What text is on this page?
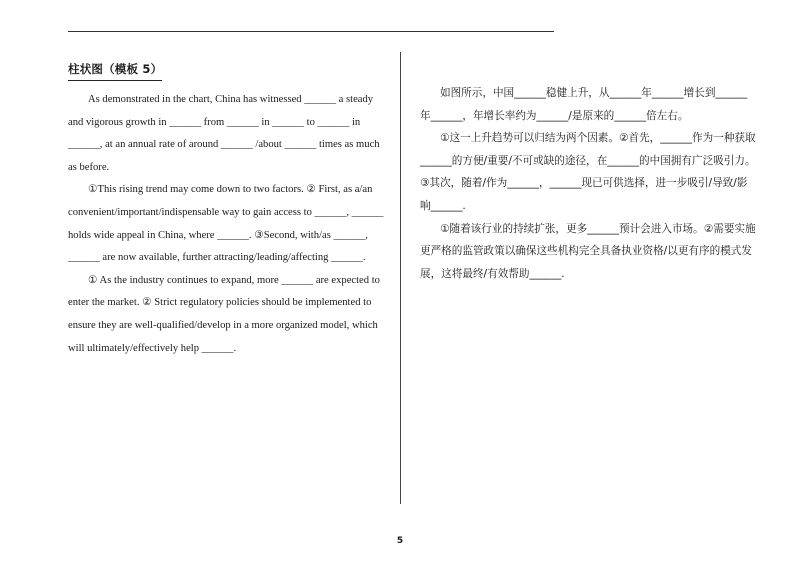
柱状图（模板 5）

As demonstrated in the chart, China has witnessed ______ a steady and vigorous growth in ______ from ______ in ______ to ______ in ______, at an annual rate of around ______ /about ______ times as much as before.

①This rising trend may come down to two factors. ② First, as a/an convenient/important/indispensable way to gain access to ______, ______ holds wide appeal in China, where ______. ③Second, with/as ______, ______ are now available, further attracting/leading/affecting ______.

① As the industry continues to expand, more ______ are expected to enter the market. ② Strict regulatory policies should be implemented to ensure they are well-qualified/develop in a more organized model, which will ultimately/effectively help ______.

如图所示，中国______稳健上升，从______年______增长到______年______，年增长率约为______/是原来的______倍左右。

①这一上升趋势可以归结为两个因素。②首先，______作为一种获取______的方便/重要/不可或缺的途径，在______的中国拥有广泛吸引力。③其次，随着/作为______，______现已可供选择，进一步吸引/导致/影响______.

①随着该行业的持续扩张，更多______预计会进入市场。②需要实施更严格的监管政策以确保这些机构完全具备执业资格/以更有序的模式发展，这将最终/有效帮助______.

5
